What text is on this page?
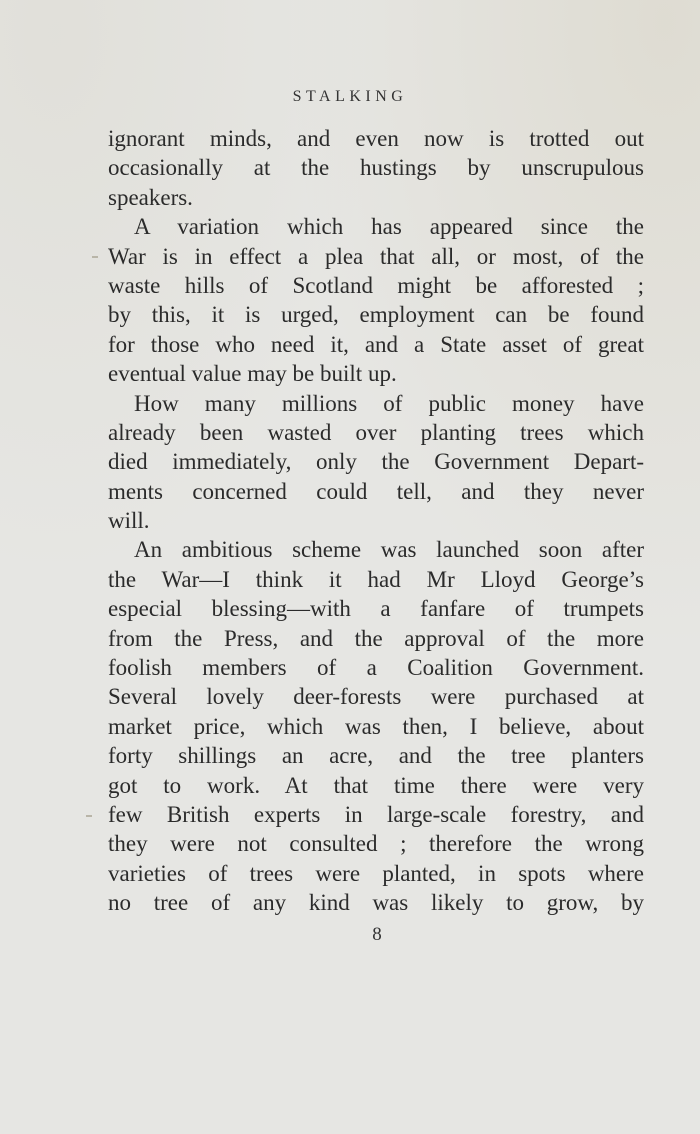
STALKING
ignorant minds, and even now is trotted out
occasionally at the hustings by unscrupulous
speakers.
A variation which has appeared since the
War is in effect a plea that all, or most, of the
waste hills of Scotland might be afforested ;
by this, it is urged, employment can be found
for those who need it, and a State asset of great
eventual value may be built up.
How many millions of public money have
already been wasted over planting trees which
died immediately, only the Government Depart-
ments concerned could tell, and they never
will.
An ambitious scheme was launched soon after
the War—I think it had Mr Lloyd George’s
especial blessing—with a fanfare of trumpets
from the Press, and the approval of the more
foolish members of a Coalition Government.
Several lovely deer-forests were purchased at
market price, which was then, I believe, about
forty shillings an acre, and the tree planters
got to work. At that time there were very
few British experts in large-scale forestry, and
they were not consulted ; therefore the wrong
varieties of trees were planted, in spots where
no tree of any kind was likely to grow, by
8
